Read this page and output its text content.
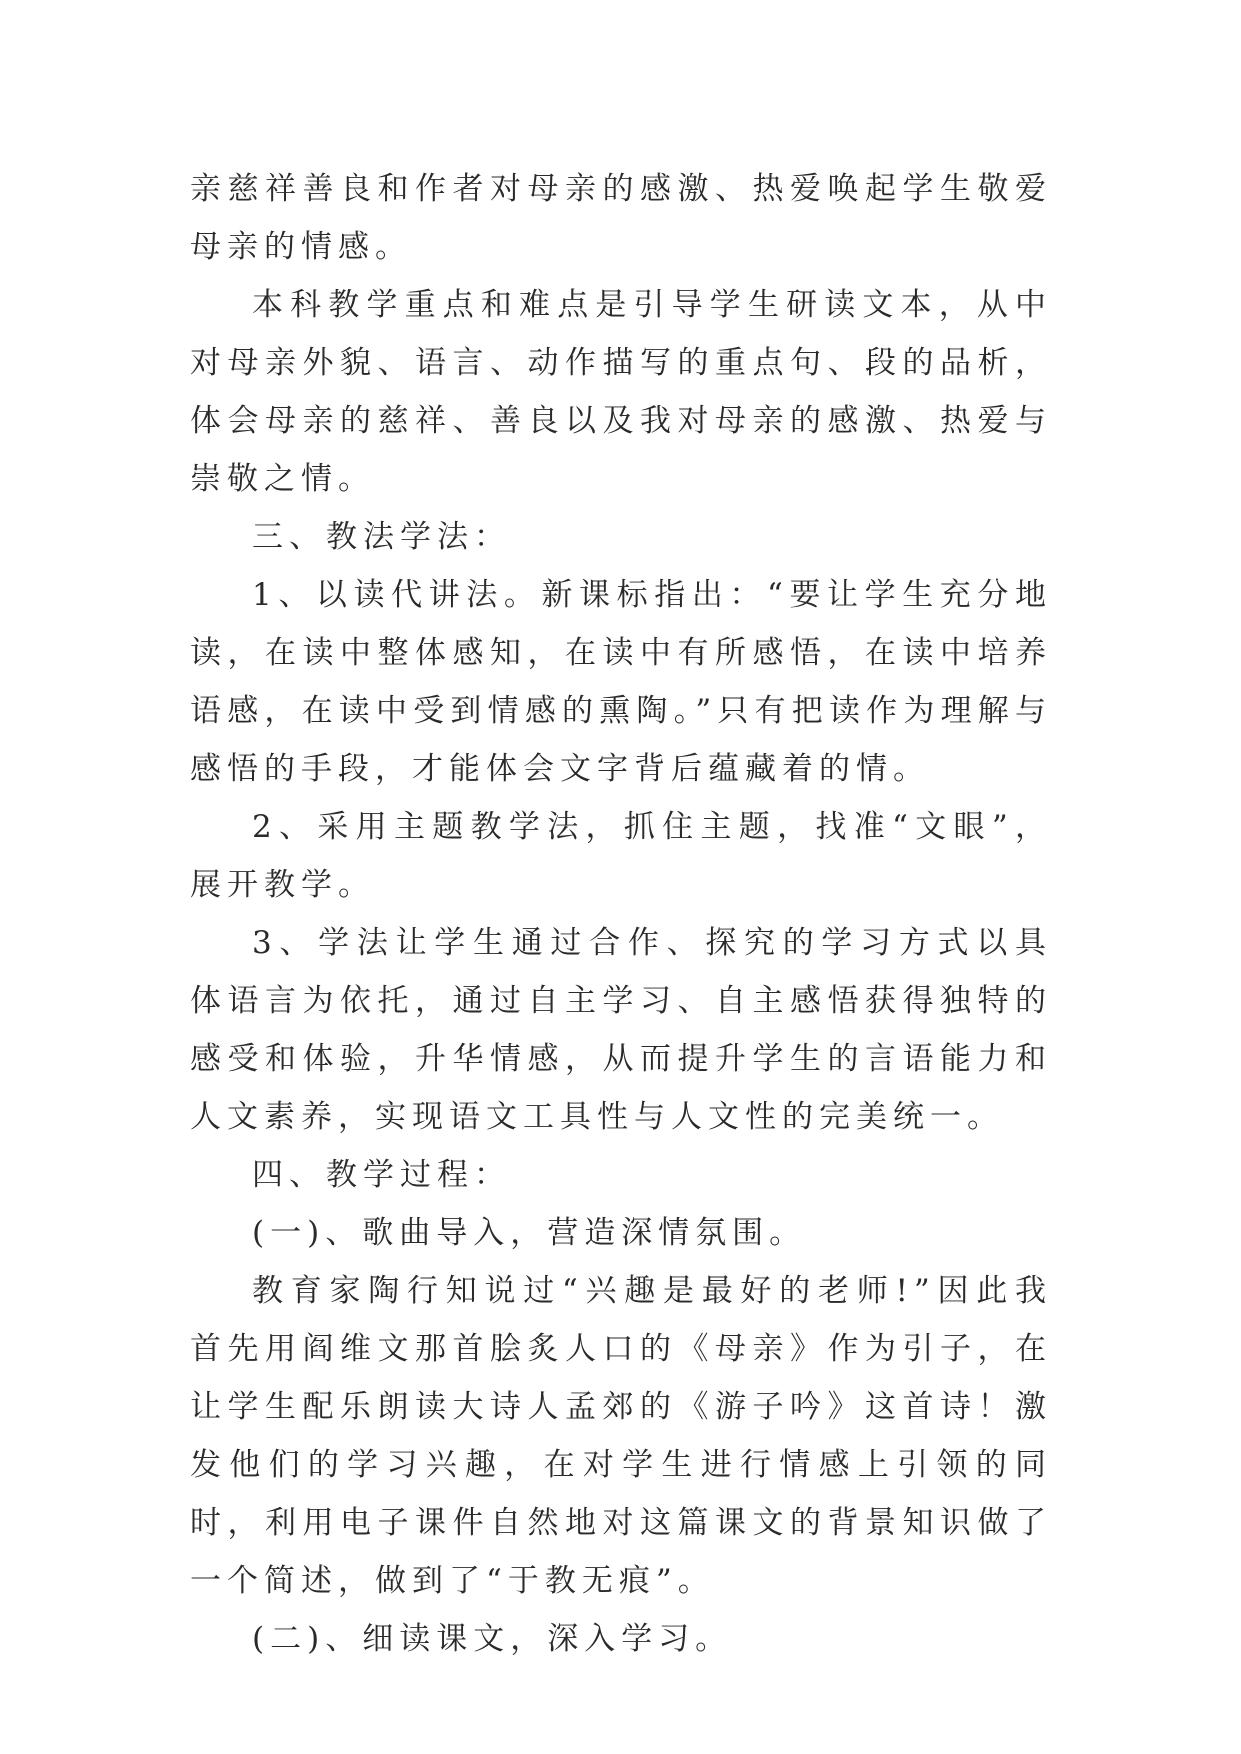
亲慈祥善良和作者对母亲的感激、热爱唤起学生敬爱母亲的情感。

本科教学重点和难点是引导学生研读文本，从中对母亲外貌、语言、动作描写的重点句、段的品析，体会母亲的慈祥、善良以及我对母亲的感激、热爱与崇敬之情。

三、教法学法：

1、以读代讲法。新课标指出：“要让学生充分地读，在读中整体感知，在读中有所感悟，在读中培养语感，在读中受到情感的熏陶。”只有把读作为理解与感悟的手段，才能体会文字背后蕴藏着的情。

2、采用主题教学法，抓住主题，找准“文眼”，展开教学。

3、学法让学生通过合作、探究的学习方式以具体语言为依托，通过自主学习、自主感悟获得独特的感受和体验，升华情感，从而提升学生的言语能力和人文素养，实现语文工具性与人文性的完美统一。

四、教学过程：

(一)、歌曲导入，营造深情氛围。

教育家陶行知说过“兴趣是最好的老师!”因此我首先用阎维文那首脍炙人口的《母亲》作为引子，在让学生配乐朗读大诗人孟郊的《游子吟》这首诗！激发他们的学习兴趣，在对学生进行情感上引领的同时，利用电子课件自然地对这篇课文的背景知识做了一个简述，做到了“于教无痕”。

(二)、细读课文，深入学习。
